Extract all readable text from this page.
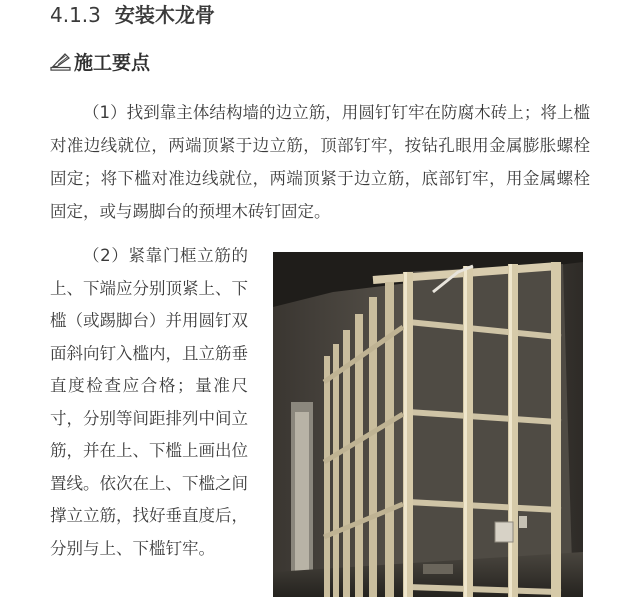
4.1.3 安装木龙骨
施工要点

（1）找到靠主体结构墙的边立筋，用圆钉钉牢在防腐木砖上；将上槛对准边线就位，两端顶紧于边立筋，顶部钉牢，按钻孔眼用金属膨胀螺栓固定；将下槛对准边线就位，两端顶紧于边立筋，底部钉牢，用金属螺栓固定，或与踢脚台的预埋木砖钉固定。

（2）紧靠门框立筋的上、下端应分别顶紧上、下槛（或踢脚台）并用圆钉双面斜向钉入槛内，且立筋垂直度检查应合格；量准尺寸，分别等间距排列中间立筋，并在上、下槛上画出位置线。依次在上、下槛之间撑立立筋，找好垂直度后，分别与上、下槛钉牢。
